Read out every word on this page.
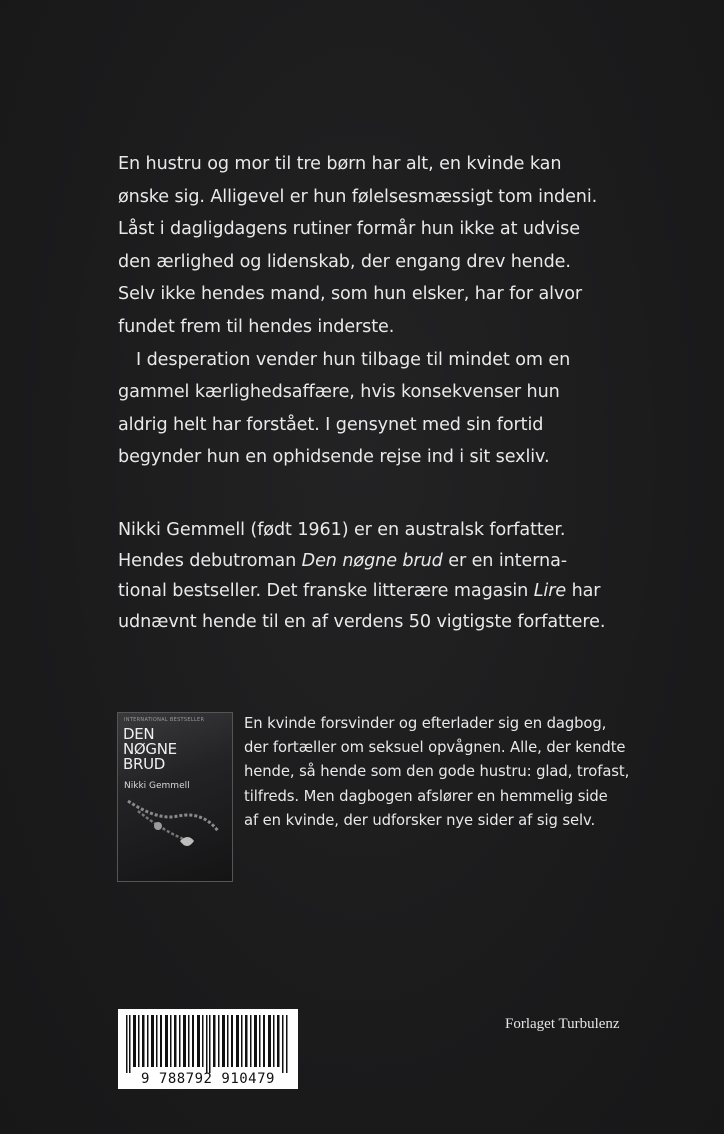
En hustru og mor til tre børn har alt, en kvinde kan

ønske sig. Alligevel er hun følelsesmæssigt tom indeni.

Låst i dagligdagens rutiner formår hun ikke at udvise

den ærlighed og lidenskab, der engang drev hende.

Selv ikke hendes mand, som hun elsker, har for alvor

fundet frem til hendes inderste.

I desperation vender hun tilbage til mindet om en

gammel kærlighedsaffære, hvis konsekvenser hun

aldrig helt har forstået. I gensynet med sin fortid

begynder hun en ophidsende rejse ind i sit sexliv.

Nikki Gemmell (født 1961) er en australsk forfatter.
Hendes debutroman Den nøgne brud er en interna-
tional bestseller. Det franske litterære magasin Lire har
udnævnt hende til en af verdens 50 vigtigste forfattere.
INTERNATIONAL BESTSELLER
DEN
NØGNE
BRUD
Nikki Gemmell
En kvinde forsvinder og efterlader sig en dagbog,
der fortæller om seksuel opvågnen. Alle, der kendte
hende, så hende som den gode hustru: glad, trofast,
tilfreds. Men dagbogen afslører en hemmelig side
af en kvinde, der udforsker nye sider af sig selv.
9 788792 910479
Forlaget Turbulenz
